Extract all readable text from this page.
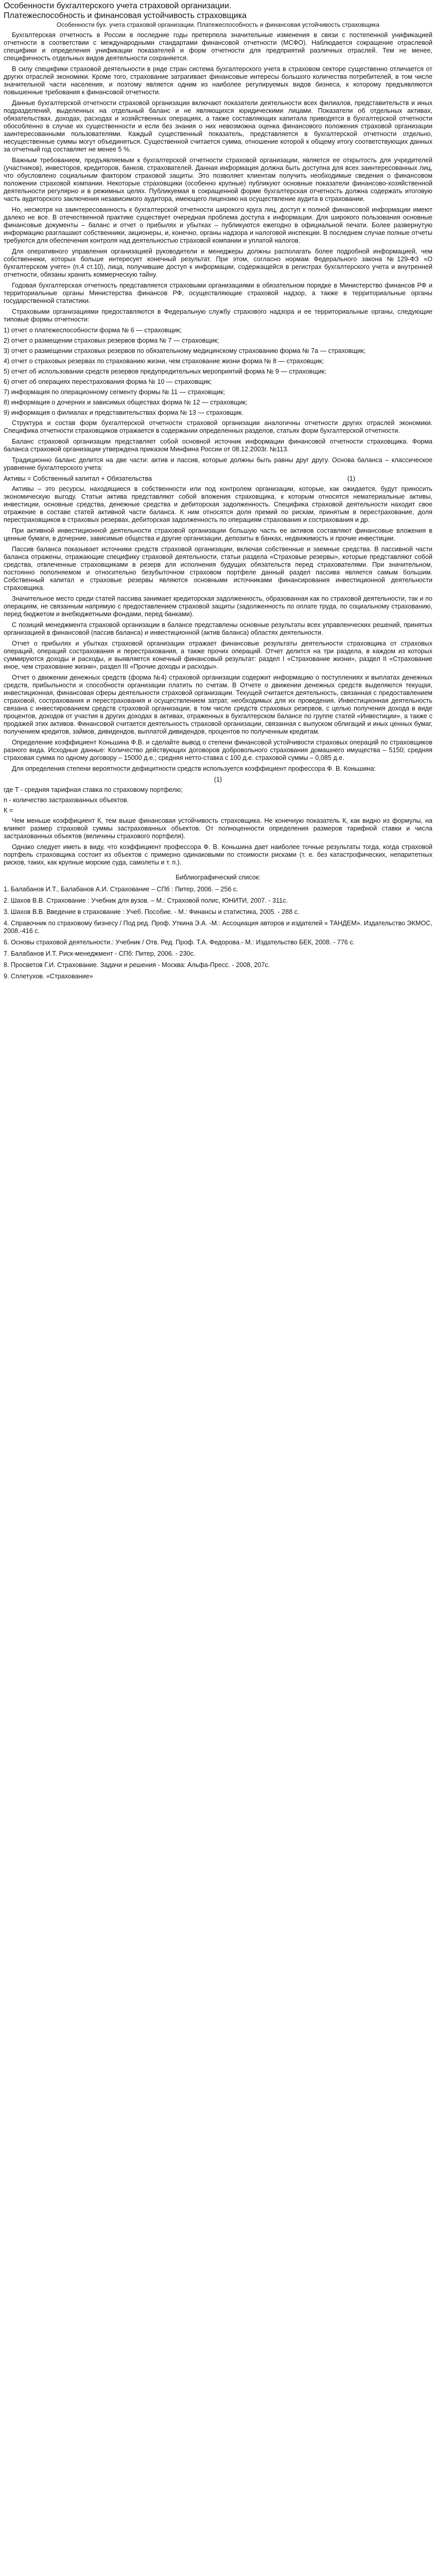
Особенности бухгалтерского учета страховой организации.
Платежеспособность и финансовая устойчивость страховщика
Особенности бух. учета страховой организации. Платежеспособность и финансовая устойчивость страховщика
Бухгалтерская отчетность в России в последние годы претерпела значительные изменения в связи с постепенной унификацией отчетности в соответствии с международными стандартами финансовой отчетности (МСФО). Наблюдается сокращение отраслевой специфики и определения унификации показателей и форм отчетности для предприятий различных отраслей. Тем не менее, специфичность отдельных видов деятельности сохраняется.
В силу специфики страховой деятельности в ряде стран система бухгалтерского учета в страховом секторе существенно отличается от других отраслей экономики. Кроме того, страхование затрагивает финансовые интересы большого количества потребителей, в том числе значительной части населения, и поэтому является одним из наиболее регулируемых видов бизнеса, к которому предъявляются повышенные требования к финансовой отчетности.
Данные бухгалтерской отчетности страховой организации включают показатели деятельности всех филиалов, представительств и иных подразделений, выделенных на отдельный баланс и не являющихся юридическими лицами. Показатели об отдельных активах, обязательствах, доходах, расходах и хозяйственных операциях, а также составляющих капитала приводятся в бухгалтерской отчетности обособленно в случае их существенности и если без знания о них невозможна оценка финансового положения страховой организации заинтересованными пользователями. Каждый существенный показатель, представляется в бухгалтерской отчетности отдельно, несущественные суммы могут объединяться. Существенной считается сумма, отношение которой к общему итогу соответствующих данных за отчетный год составляет не менее 5 %.
Важным требованием, предъявляемым к бухгалтерской отчетности страховой организации, является ее открытость для учредителей (участников), инвесторов, кредиторов, банков, страхователей. Данная информация должна быть доступна для всех заинтересованных лиц, что обусловлено социальным фактором страховой защиты. Это позволяет клиентам получить необходимые сведения о финансовом положении страховой компании. Некоторые страховщики (особенно крупные) публикуют основные показатели финансово-хозяйственной деятельности регулярно и в режимных целях. Публикуемая в сокращенной форме бухгалтерская отчетность должна содержать итоговую часть аудиторского заключения независимого аудитора, имеющего лицензию на осуществление аудита в страховании.
Но, несмотря на заинтересованность к бухгалтерской отчетности широкого круга лиц, доступ к полной финансовой информации имеют далеко не все. В отечественной практике существует очередная проблема доступа к информации. Для широкого пользования основные финансовые документы – баланс и отчет о прибылях и убытках – публикуются ежегодно в официальной печати. Более развернутую информацию разглашают собственники, акционеры, и, конечно, органы надзора и налоговой инспекции. В последнем случае полные отчеты требуются для обеспечения контроля над деятельностью страховой компании и уплатой налогов.
Для оперативного управления организацией руководители и менеджеры должны располагать более подробной информацией, чем собственники, которых больше интересует конечный результат. При этом, согласно нормам Федерального закона №129-ФЗ «О бухгалтерском учете» (п.4 ст.10), лица, получившие доступ к информации, содержащейся в регистрах бухгалтерского учета и внутренней отчетности, обязаны хранить коммерческую тайну.
Годовая бухгалтерская отчетность представляется страховыми организациями в обязательном порядке в Министерство финансов РФ и территориальные органы Министерства финансов РФ, осуществляющие страховой надзор, а также в территориальные органы государственной статистики.
Страховыми организациями предоставляются в Федеральную службу страхового надзора и ее территориальные органы, следующие типовые формы отчетности:
1) отчет о платежеспособности форма № 6 — страховщик;
2) отчет о размещении страховых резервов форма № 7 — страховщик;
3) отчет о размещении страховых резервов по обязательному медицинскому страхованию форма № 7а — страховщик;
4) отчет о страховых резервах по страхованию жизни, чем страхование жизни форма № 8 — страховщик;
5) отчет об использовании средств резервов предупредительных мероприятий форма № 9 — страховщик;
6) отчет об операциях перестрахования форма № 10 — страховщик;
7) информация по операционному сегменту формы № 11 — страховщик;
8) информация о дочерних и зависимых обществах форма № 12 — страховщик;
9) информация о филиалах и представительствах форма № 13 — страховщик.
Структура и состав форм бухгалтерской отчетности страховой организации аналогичны отчетности других отраслей экономики. Специфика отчетности страховщиков отражается в содержании определенных разделов, статьях форм бухгалтерской отчетности.
Баланс страховой организации представляет собой основной источник информации финансовой отчетности страховщика. Форма баланса страховой организации утверждена приказом Минфина России от 08.12.2003г. №113.
Традиционно баланс делится на две части: актив и пассив, которые должны быть равны друг другу. Основа баланса – классическое уравнение бухгалтерского учета:
Активы = Собственный капитал + Обязательства	(1)
Активы – это ресурсы, находящиеся в собственности или под контролем организации, которые, как ожидается, будут приносить экономическую выгоду. Статьи актива представляют собой вложения страховщика, к которым относятся нематериальные активы, инвестиции, основные средства, денежные средства и дебиторская задолженность. Специфика страховой деятельности находит свое отражение в составе статей активной части баланса. К ним относятся доля премий по рискам, принятым в перестрахование, доля перестраховщиков в страховых резервах, дебиторская задолженность по операциям страхования и сострахования и др.
При активной инвестиционной деятельности страховой организации большую часть ее активов составляют финансовые вложения в ценные бумаги, в дочерние, зависимые общества и другие организации, депозиты в банках, недвижимость и прочие инвестиции.
Пассив баланса показывает источники средств страховой организации, включая собственные и заемные средства. В пассивной части баланса отражены, отражающие специфику страховой деятельности, статьи раздела «Страховые резервы», которые представляют собой средства, отвлеченные страховщиками в резерв для исполнения будущих обязательств перед страхователями. При значительном, постоянно пополняемом и относительно безубыточном страховом портфеле данный раздел пассива является самым большим. Собственный капитал и страховые резервы являются основными источниками финансирования инвестиционной деятельности страховщика.
Значительное место среди статей пассива занимает кредиторская задолженность, образованная как по страховой деятельности, так и по операциям, не связанным напрямую с предоставлением страховой защиты (задолженность по оплате труда, по социальному страхованию, перед бюджетом и внебюджетными фондами, перед банками).
С позиций менеджмента страховой организации в балансе представлены основные результаты всех управленческих решений, принятых организацией в финансовой (пассив баланса) и инвестиционной (актив баланса) областях деятельности.
Отчет о прибылях и убытках страховой организации отражает финансовые результаты деятельности страховщика от страховых операций, операций сострахования и перестрахования, а также прочих операций. Отчет делится на три раздела, в каждом из которых суммируются доходы и расходы, и выявляется конечный финансовый результат: раздел I «Страхование жизни», раздел II «Страхование иное, чем страхование жизни», раздел III «Прочие доходы и расходы».
Отчет о движении денежных средств (форма №4) страховой организации содержит информацию о поступлениях и выплатах денежных средств, прибыльности и способности организации платить по счетам. В Отчете о движении денежных средств выделяются текущая, инвестиционная, финансовая сферы деятельности страховой организации. Текущей считается деятельность, связанная с предоставлением страховой, сострахования и перестрахования и осуществлением затрат, необходимых для их проведения. Инвестиционная деятельность связана с инвестированием средств страховой организации, в том числе средств страховых резервов, с целью получения дохода в виде процентов, доходов от участия в других доходах в активах, отраженных в бухгалтерском балансе по группе статей «Инвестиции», а также с продажей этих активов. Финансовой считается деятельность страховой организации, связанная с выпуском облигаций и иных ценных бумаг, получением кредитов, займов, дивидендов, выплатой дивидендов, процентов по полученным кредитам.
Определение коэффициент Коньшина Ф.В. и сделайте вывод о степени финансовой устойчивости страховых операций по страховщиков разного вида. Исходные данные: Количество действующих договоров добровольного страхования домашнего имущества – 5150; средняя страховая сумма по одному договору – 15000 д.е.; средняя нетто-ставка с 100 д.е. страховой суммы – 0,085 д.е.
Для определения степени вероятности дефицитности средств используется коэффициент профессора Ф. В. Коньшина:
(1)
где Т - средняя тарифная ставка по страховому портфелю;
n - количество застрахованных объектов.
К =
Чем меньше коэффициент К, тем выше финансовая устойчивость страховщика. Не конечную показатель К, как видно из формулы, на влияют размер страховой суммы застрахованных объектов. От полноценности определения размеров тарифной ставки и числа застрахованных объектов (величины страхового портфеля).
Однако следует иметь в виду, что коэффициент профессора Ф. В. Коньшина дает наиболее точные результаты тогда, когда страховой портфель страховщика состоит из объектов с примерно одинаковыми по стоимости рисками (т. е. без катастрофических, непаритетных рисков, таких, как крупные морские суда, самолеты и т. п.).
Библиографический список:
1. Балабанов И.Т., Балабанов А.И. Страхование – СПб : Питер, 2006. – 256 с.
2. Шахов В.В. Страхование : Учебник для вузов. – М.: Страховой полис, ЮНИТИ, 2007. - 311с.
3. Шахов В.В. Введение в страхование : Учеб. Пособие. - М.: Финансы и статистика, 2005. - 288 с.
4. Справочник по страховому бизнесу / Под ред. Проф. Уткина Э.А. -М.: Ассоциация авторов и издателей « ТАНДЕМ». Издательство ЭКМОС, 2008.-416 с.
6. Основы страховой деятельности.: Учебник / Отв. Ред. Проф. Т.А. Федорова.- М.: Издательство БЕК, 2008. - 776 с.
7. Балабанов И.Т. Риск-менеджмент - СПб: Питер, 2006. - 230с.
8. Просветов Г.И. Страхование. Задачи и решения - Москва: Альфа-Пресс. - 2008, 207с.
9. Сплетухов. «Страхование»
